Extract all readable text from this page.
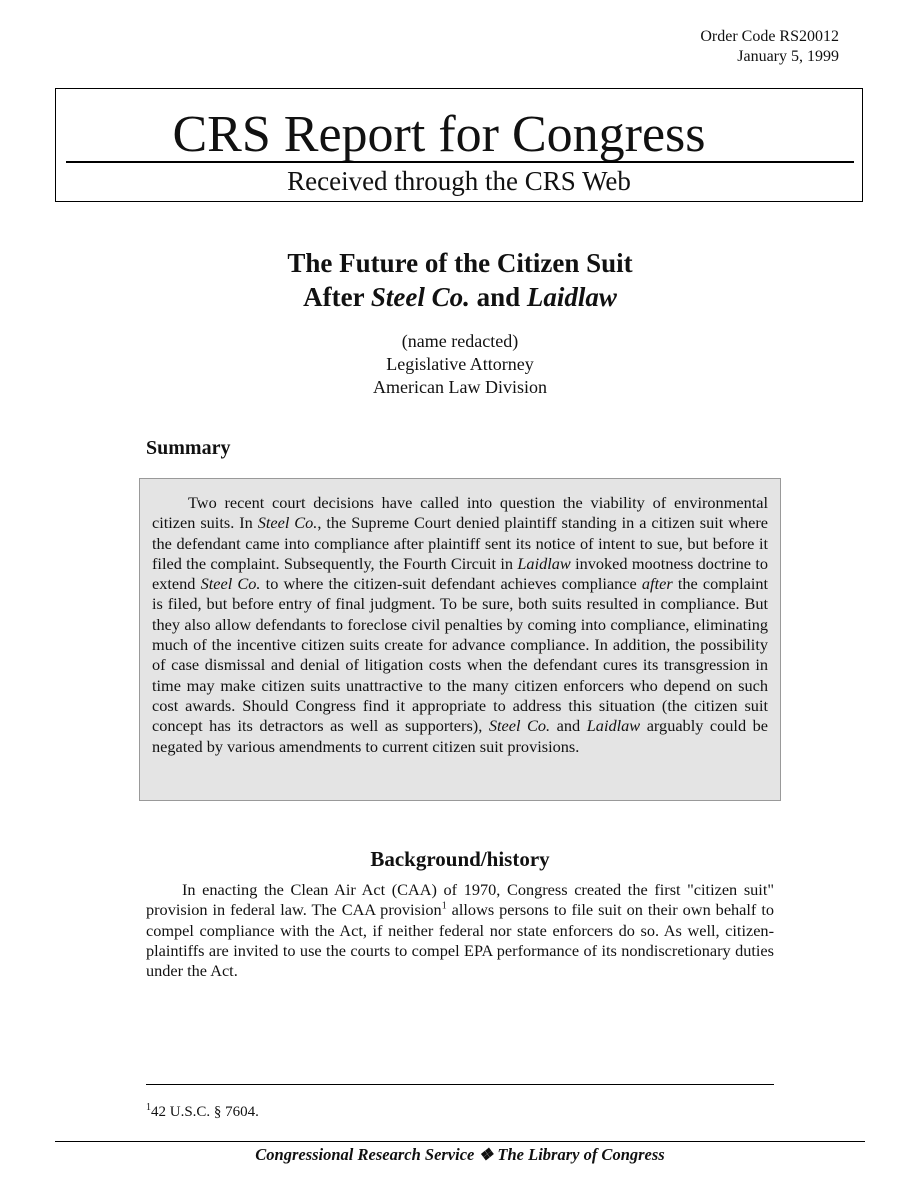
Order Code RS20012
January 5, 1999
CRS Report for Congress
Received through the CRS Web
The Future of the Citizen Suit
After Steel Co. and Laidlaw
(name redacted)
Legislative Attorney
American Law Division
Summary

Two recent court decisions have called into question the viability of environmental citizen suits. In Steel Co., the Supreme Court denied plaintiff standing in a citizen suit where the defendant came into compliance after plaintiff sent its notice of intent to sue, but before it filed the complaint. Subsequently, the Fourth Circuit in Laidlaw invoked mootness doctrine to extend Steel Co. to where the citizen-suit defendant achieves compliance after the complaint is filed, but before entry of final judgment. To be sure, both suits resulted in compliance. But they also allow defendants to foreclose civil penalties by coming into compliance, eliminating much of the incentive citizen suits create for advance compliance. In addition, the possibility of case dismissal and denial of litigation costs when the defendant cures its transgression in time may make citizen suits unattractive to the many citizen enforcers who depend on such cost awards. Should Congress find it appropriate to address this situation (the citizen suit concept has its detractors as well as supporters), Steel Co. and Laidlaw arguably could be negated by various amendments to current citizen suit provisions.

Background/history

In enacting the Clean Air Act (CAA) of 1970, Congress created the first "citizen suit" provision in federal law. The CAA provision$^1$ allows persons to file suit on their own behalf to compel compliance with the Act, if neither federal nor state enforcers do so. As well, citizen-plaintiffs are invited to use the courts to compel EPA performance of its nondiscretionary duties under the Act.

$^1$42 U.S.C. § 7604.
Congressional Research Service ❖ The Library of Congress
